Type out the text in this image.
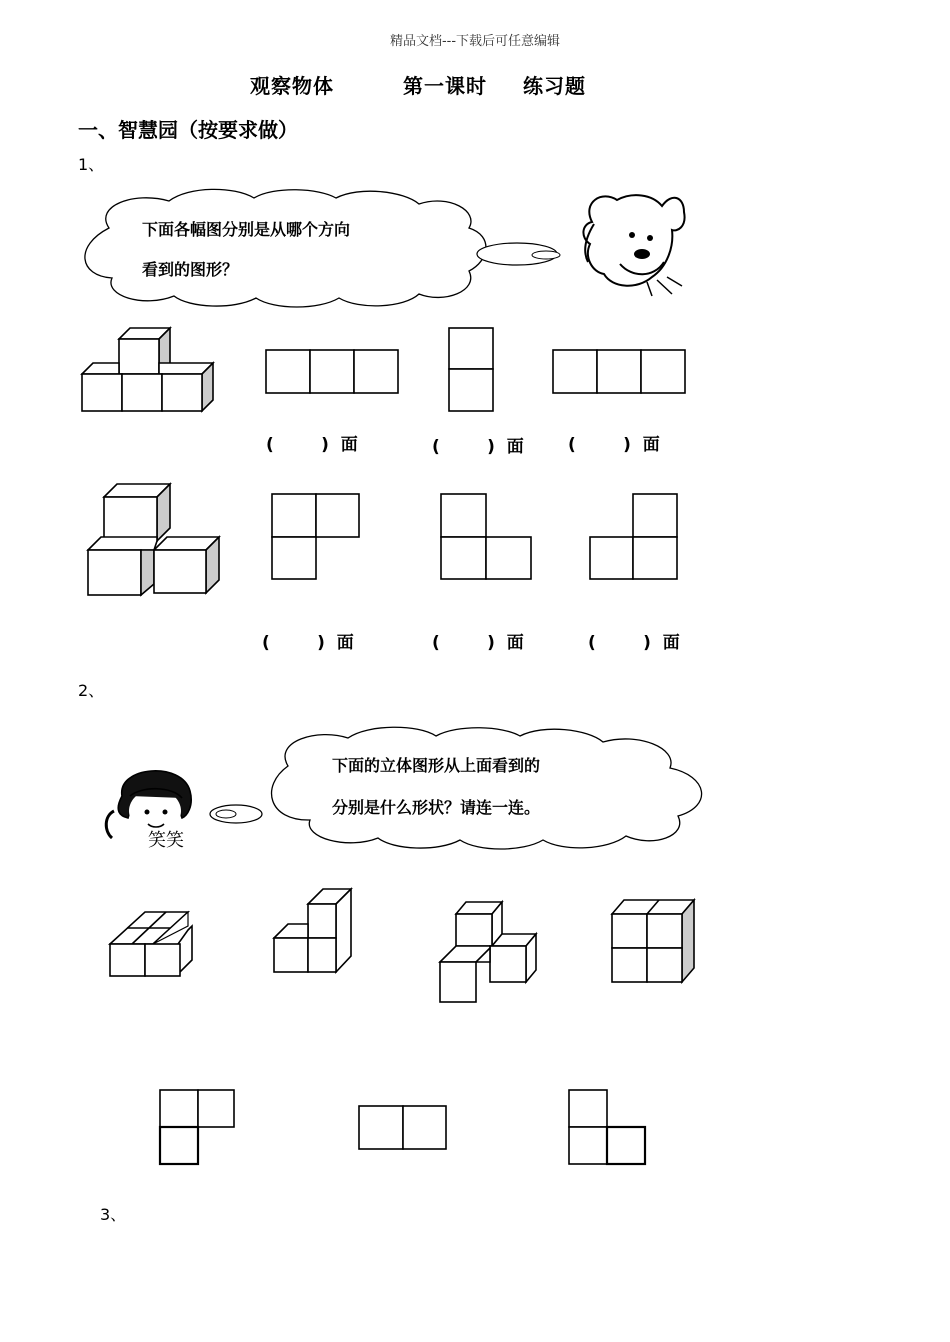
精品文档---下载后可任意编辑
观察物体	第一课时 练习题
一、智慧园（按要求做）
1、
下面各幅图分别是从哪个方向
看到的图形？
(        )  面	(        )  面	(        )  面
(        )  面	(        )  面	(        )  面
2、
笑笑
下面的立体图形从上面看到的
分别是什么形状？请连一连。
3、
